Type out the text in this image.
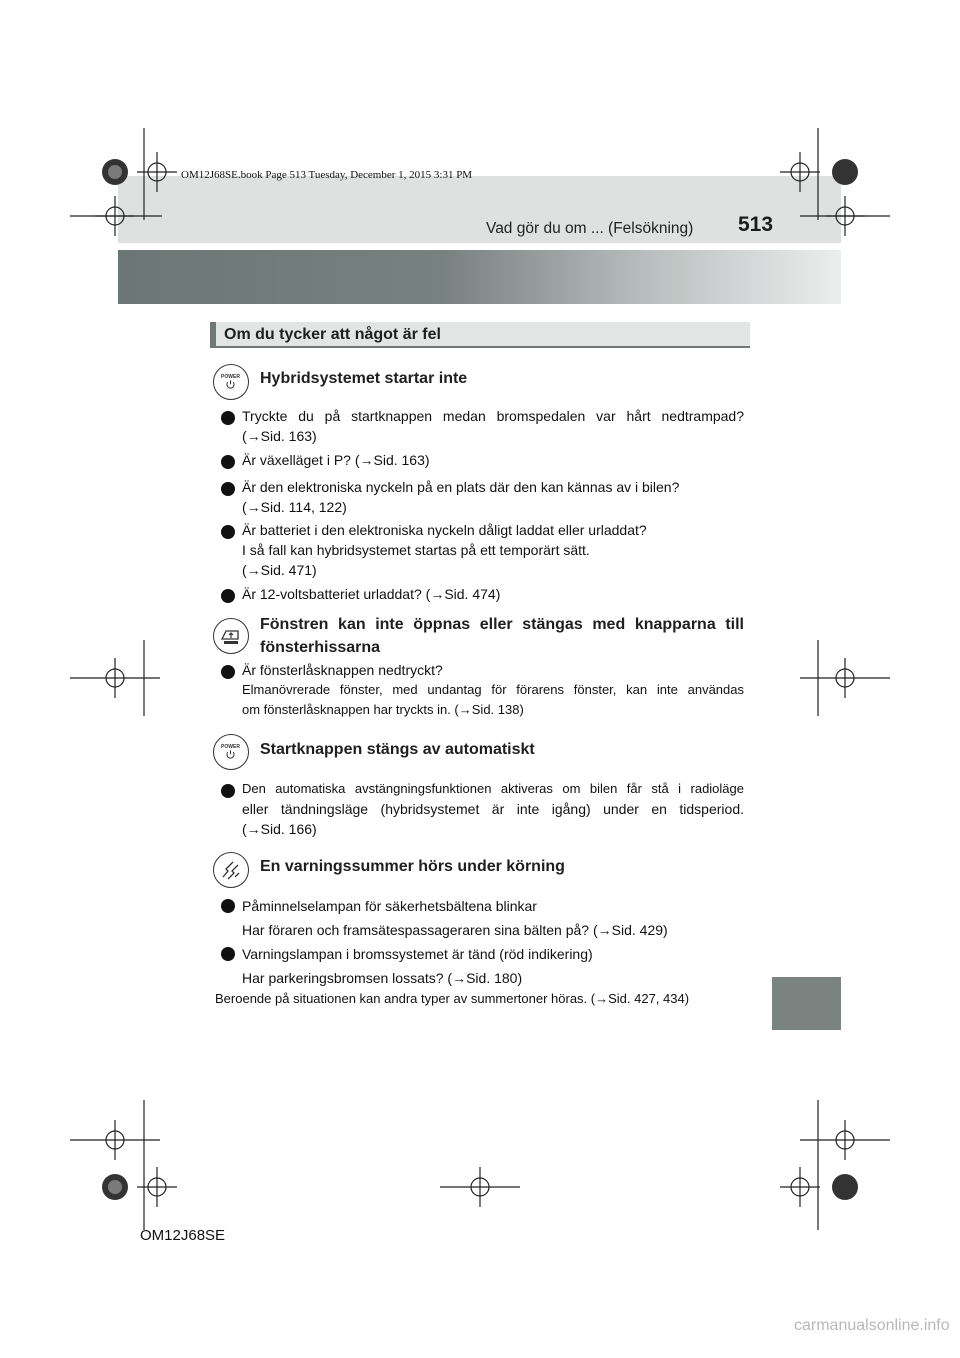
OM12J68SE.book Page 513 Tuesday, December 1, 2015 3:31 PM
Vad gör du om ... (Felsökning) 513
Om du tycker att något är fel
POWER Hybridsystemet startar inte
Tryckte du på startknappen medan bromspedalen var hårt nedtrampad?
(→Sid. 163)
Är växelläget i P? (→Sid. 163)
Är den elektroniska nyckeln på en plats där den kan kännas av i bilen?
(→Sid. 114, 122)
Är batteriet i den elektroniska nyckeln dåligt laddat eller urladdat?
I så fall kan hybridsystemet startas på ett temporärt sätt.
(→Sid. 471)
Är 12-voltsbatteriet urladdat? (→Sid. 474)
Fönstren kan inte öppnas eller stängas med knapparna till
fönsterhissarna
Är fönsterlåsknappen nedtryckt?
Elmanövrerade fönster, med undantag för förarens fönster, kan inte användas
om fönsterlåsknappen har tryckts in. (→Sid. 138)
POWER Startknappen stängs av automatiskt
Den automatiska avstängningsfunktionen aktiveras om bilen får stå i radioläge
eller tändningsläge (hybridsystemet är inte igång) under en tidsperiod.
(→Sid. 166)
En varningssummer hörs under körning
Påminnelselampan för säkerhetsbältena blinkar
Har föraren och framsätespassageraren sina bälten på? (→Sid. 429)
Varningslampan i bromssystemet är tänd (röd indikering)
Har parkeringsbromsen lossats? (→Sid. 180)
Beroende på situationen kan andra typer av summertoner höras. (→Sid. 427, 434)
OM12J68SE
carmanualsonline.info
